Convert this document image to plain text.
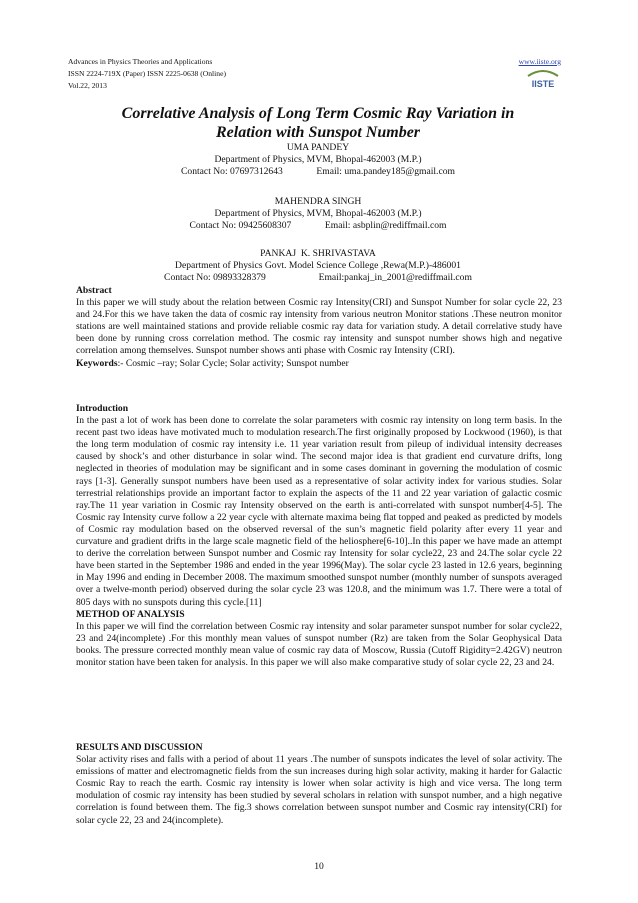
Advances in Physics Theories and Applications
ISSN 2224-719X (Paper) ISSN 2225-0638 (Online)
Vol.22, 2013
www.iiste.org
IISTE
Correlative Analysis of Long Term Cosmic Ray Variation in
Relation with Sunspot Number
UMA PANDEY
Department of Physics, MVM, Bhopal-462003 (M.P.)
Contact No: 07697312643              Email: uma.pandey185@gmail.com
MAHENDRA SINGH
Department of Physics, MVM, Bhopal-462003 (M.P.)
Contact No: 09425608307              Email: asbplin@rediffmail.com
PANKAJ  K. SHRIVASTAVA
Department of Physics Govt. Model Science College ,Rewa(M.P.)-486001
Contact No: 09893328379                      Email:pankaj_in_2001@rediffmail.com

Abstract

In this paper we will study about the relation between Cosmic ray Intensity(CRI) and Sunspot Number for solar cycle 22, 23 and 24.For this we have taken the data of cosmic ray intensity from various neutron Monitor stations .These neutron monitor stations are well maintained stations and provide reliable cosmic ray data for variation study. A detail correlative study have been done by running cross correlation method. The cosmic ray intensity and sunspot number shows high and negative correlation among themselves. Sunspot number shows anti phase with Cosmic ray Intensity (CRI).

Keywords:- Cosmic –ray; Solar Cycle; Solar activity; Sunspot number

Introduction

In the past a lot of work has been done to correlate the solar parameters with cosmic ray intensity on long term basis. In the recent past two ideas have motivated much to modulation research.The first originally proposed by Lockwood (1960), is that the long term modulation of cosmic ray intensity i.e. 11 year variation result from pileup of individual intensity decreases caused by shock’s and other disturbance in solar wind. The second major idea is that gradient end curvature drifts, long neglected in theories of modulation may be significant and in some cases dominant in governing the modulation of cosmic rays [1-3]. Generally sunspot numbers have been used as a representative of solar activity index for various studies. Solar terrestrial relationships provide an important factor to explain the aspects of the 11 and 22 year variation of galactic cosmic ray.The 11 year variation in Cosmic ray Intensity observed on the earth is anti-correlated with sunspot number[4-5]. The Cosmic ray Intensity curve follow a 22 year cycle with alternate maxima being flat topped and peaked as predicted by models of Cosmic ray modulation based on the observed reversal of the sun’s magnetic field polarity after every 11 year and curvature and gradient drifts in the large scale magnetic field of the heliosphere[6-10]..In this paper we have made an attempt to derive the correlation between Sunspot number and Cosmic ray Intensity for solar cycle22, 23 and 24.The solar cycle 22 have been started in the September 1986 and ended in the year 1996(May). The solar cycle 23 lasted in 12.6 years, beginning in May 1996 and ending in December 2008. The maximum smoothed sunspot number (monthly number of sunspots averaged over a twelve-month period) observed during the solar cycle 23 was 120.8, and the minimum was 1.7. There were a total of 805 days with no sunspots during this cycle.[11]

METHOD OF ANALYSIS

In this paper we will find the correlation between Cosmic ray intensity and solar parameter sunspot number for solar cycle22, 23 and 24(incomplete) .For this monthly mean values of sunspot number (Rz) are taken from the Solar Geophysical Data books. The pressure corrected monthly mean value of cosmic ray data of Moscow, Russia (Cutoff Rigidity=2.42GV) neutron monitor station have been taken for analysis. In this paper we will also make comparative study of solar cycle 22, 23 and 24.

RESULTS AND DISCUSSION

Solar activity rises and falls with a period of about 11 years .The number of sunspots indicates the level of solar activity. The emissions of matter and electromagnetic fields from the sun increases during high solar activity, making it harder for Galactic Cosmic Ray to reach the earth. Cosmic ray intensity is lower when solar activity is high and vice versa. The long term modulation of cosmic ray intensity has been studied by several scholars in relation with sunspot number, and a high negative correlation is found between them. The fig.3 shows correlation between sunspot number and Cosmic ray intensity(CRI) for solar cycle 22, 23 and 24(incomplete).

10
